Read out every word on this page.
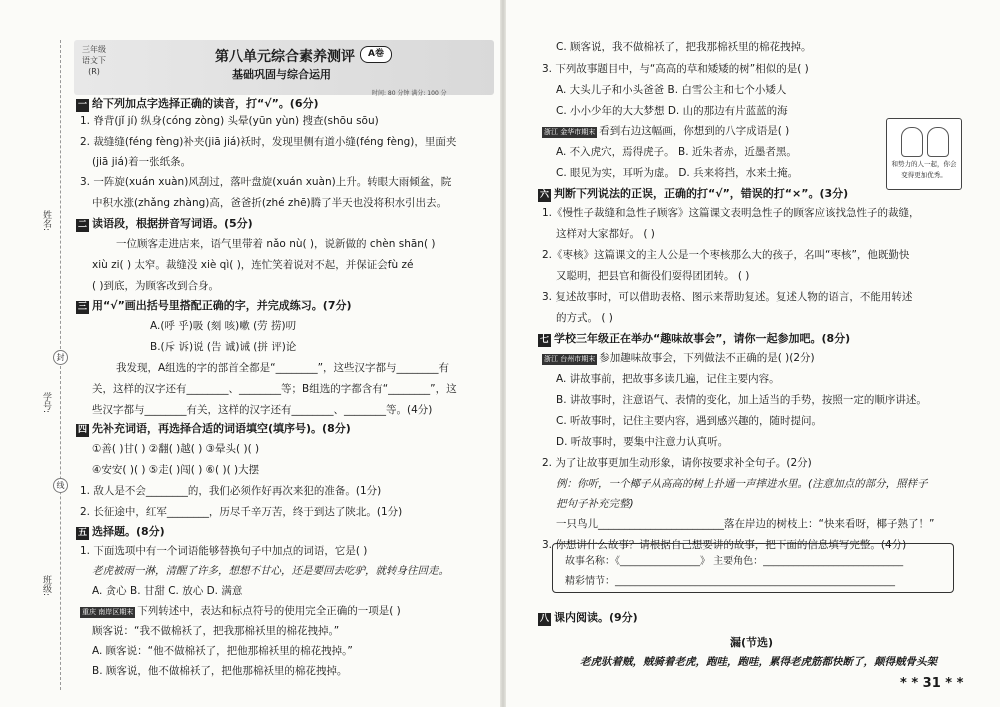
姓名:
学号:
班级:
封
线
三年级
语文下
(R)
第八单元综合素养测评	A卷
基础巩固与综合运用
时间: 80 分钟 满分: 100 分
一 给下列加点字选择正确的读音，打“√”。(6分)
1. 脊背(jǐ jí) 纵身(cóng zòng) 头晕(yūn yùn) 搜查(shōu sōu)
2. 裁缝缝(féng fèng)补夹(jiā jiá)袄时，发现里侧有道小缝(féng fèng)，里面夹
(jiā jiá)着一张纸条。
3. 一阵旋(xuán xuàn)风刮过，落叶盘旋(xuán xuàn)上升。转眼大雨倾盆，院
中积水涨(zhǎng zhàng)高，爸爸折(zhé zhē)腾了半天也没将积水引出去。
二 读语段，根据拼音写词语。(5分)
一位顾客走进店来，语气里带着 nǎo nù( )，说新做的 chèn shān( )
xiù zi( ) 太窄。裁缝没 xiè qì( )，连忙笑着说对不起，并保证会fù zé
( )到底，为顾客改到合身。
三 用“√”画出括号里搭配正确的字，并完成练习。(7分)
A.(呼 乎)吸 (刻 咳)嗽 (劳 捞)叨
B.(斥 诉)说 (告 诚)诫 (拼 评)论
我发现，A组选的字的部首全都是“________”，这些汉字都与________有
关，这样的汉字还有________、________等；B组选的字都含有“________”，这
些汉字都与________有关，这样的汉字还有________、________等。(4分)
四 先补充词语，再选择合适的词语填空(填序号)。(8分)
①善( )甘( ) ②翻( )越( ) ③晕头( )( )
④安安( )( ) ⑤走( )闯( ) ⑥( )( )大摆
1. 敌人是不会________的，我们必须作好再次来犯的准备。(1分)
2. 长征途中，红军________，历尽千辛万苦，终于到达了陕北。(1分)
五 选择题。(8分)
1. 下面选项中有一个词语能够替换句子中加点的词语，它是( )
老虎被雨一淋，清醒了许多，想想不甘心，还是要回去吃驴，就转身往回走。
A. 贪心 B. 甘甜 C. 放心 D. 满意
重庆 南岸区期末 下列转述中，表达和标点符号的使用完全正确的一项是( )
顾客说：“我不做棉袄了，把我那棉袄里的棉花拽掉。”
A. 顾客说：“他不做棉袄了，把他那棉袄里的棉花拽掉。”
B. 顾客说，他不做棉袄了，把他那棉袄里的棉花拽掉。
C. 顾客说，我不做棉袄了，把我那棉袄里的棉花拽掉。
3. 下列故事题目中，与“高高的草和矮矮的树”相似的是( )
A. 大头儿子和小头爸爸 B. 白雪公主和七个小矮人
C. 小小少年的大大梦想 D. 山的那边有片蓝蓝的海
浙江 金华市期末 看到右边这幅画，你想到的八字成语是( )
A. 不入虎穴，焉得虎子。 B. 近朱者赤，近墨者黑。
C. 眼见为实，耳听为虚。 D. 兵来将挡，水来土掩。
六 判断下列说法的正误，正确的打“√”，错误的打“×”。(3分)
1.《慢性子裁缝和急性子顾客》这篇课文表明急性子的顾客应该找急性子的裁缝，
这样对大家都好。 ( )
2.《枣核》这篇课文的主人公是一个枣核那么大的孩子，名叫“枣核”，他既勤快
又聪明，把县官和衙役们耍得团团转。 ( )
3. 复述故事时，可以借助表格、图示来帮助复述。复述人物的语言，不能用转述
的方式。 ( )
七 学校三年级正在举办“趣味故事会”，请你一起参加吧。(8分)
浙江 台州市期末 参加趣味故事会，下列做法不正确的是( )(2分)
A. 讲故事前，把故事多读几遍，记住主要内容。
B. 讲故事时，注意语气、表情的变化，加上适当的手势，按照一定的顺序讲述。
C. 听故事时，记住主要内容，遇到感兴趣的，随时提问。
D. 听故事时，要集中注意力认真听。
2. 为了让故事更加生动形象，请你按要求补全句子。(2分)
例：你听，一个椰子从高高的树上扑通一声摔进水里。(注意加点的部分，照样子
把句子补充完整)
一只鸟儿________________________落在岸边的树枝上：“快来看呀，椰子熟了！”
3. 你想讲什么故事？请根据自己想要讲的故事，把下面的信息填写完整。(4分)
八 课内阅读。(9分)
和势力的人一起，你会变得更加优秀。
故事名称：《________________》 主要角色：____________________________
精彩情节：________________________________________________________
漏(节选)
老虎驮着贼，贼骑着老虎，跑哇，跑哇，累得老虎筋都快断了，颠得贼骨头架
* * 31 * *
